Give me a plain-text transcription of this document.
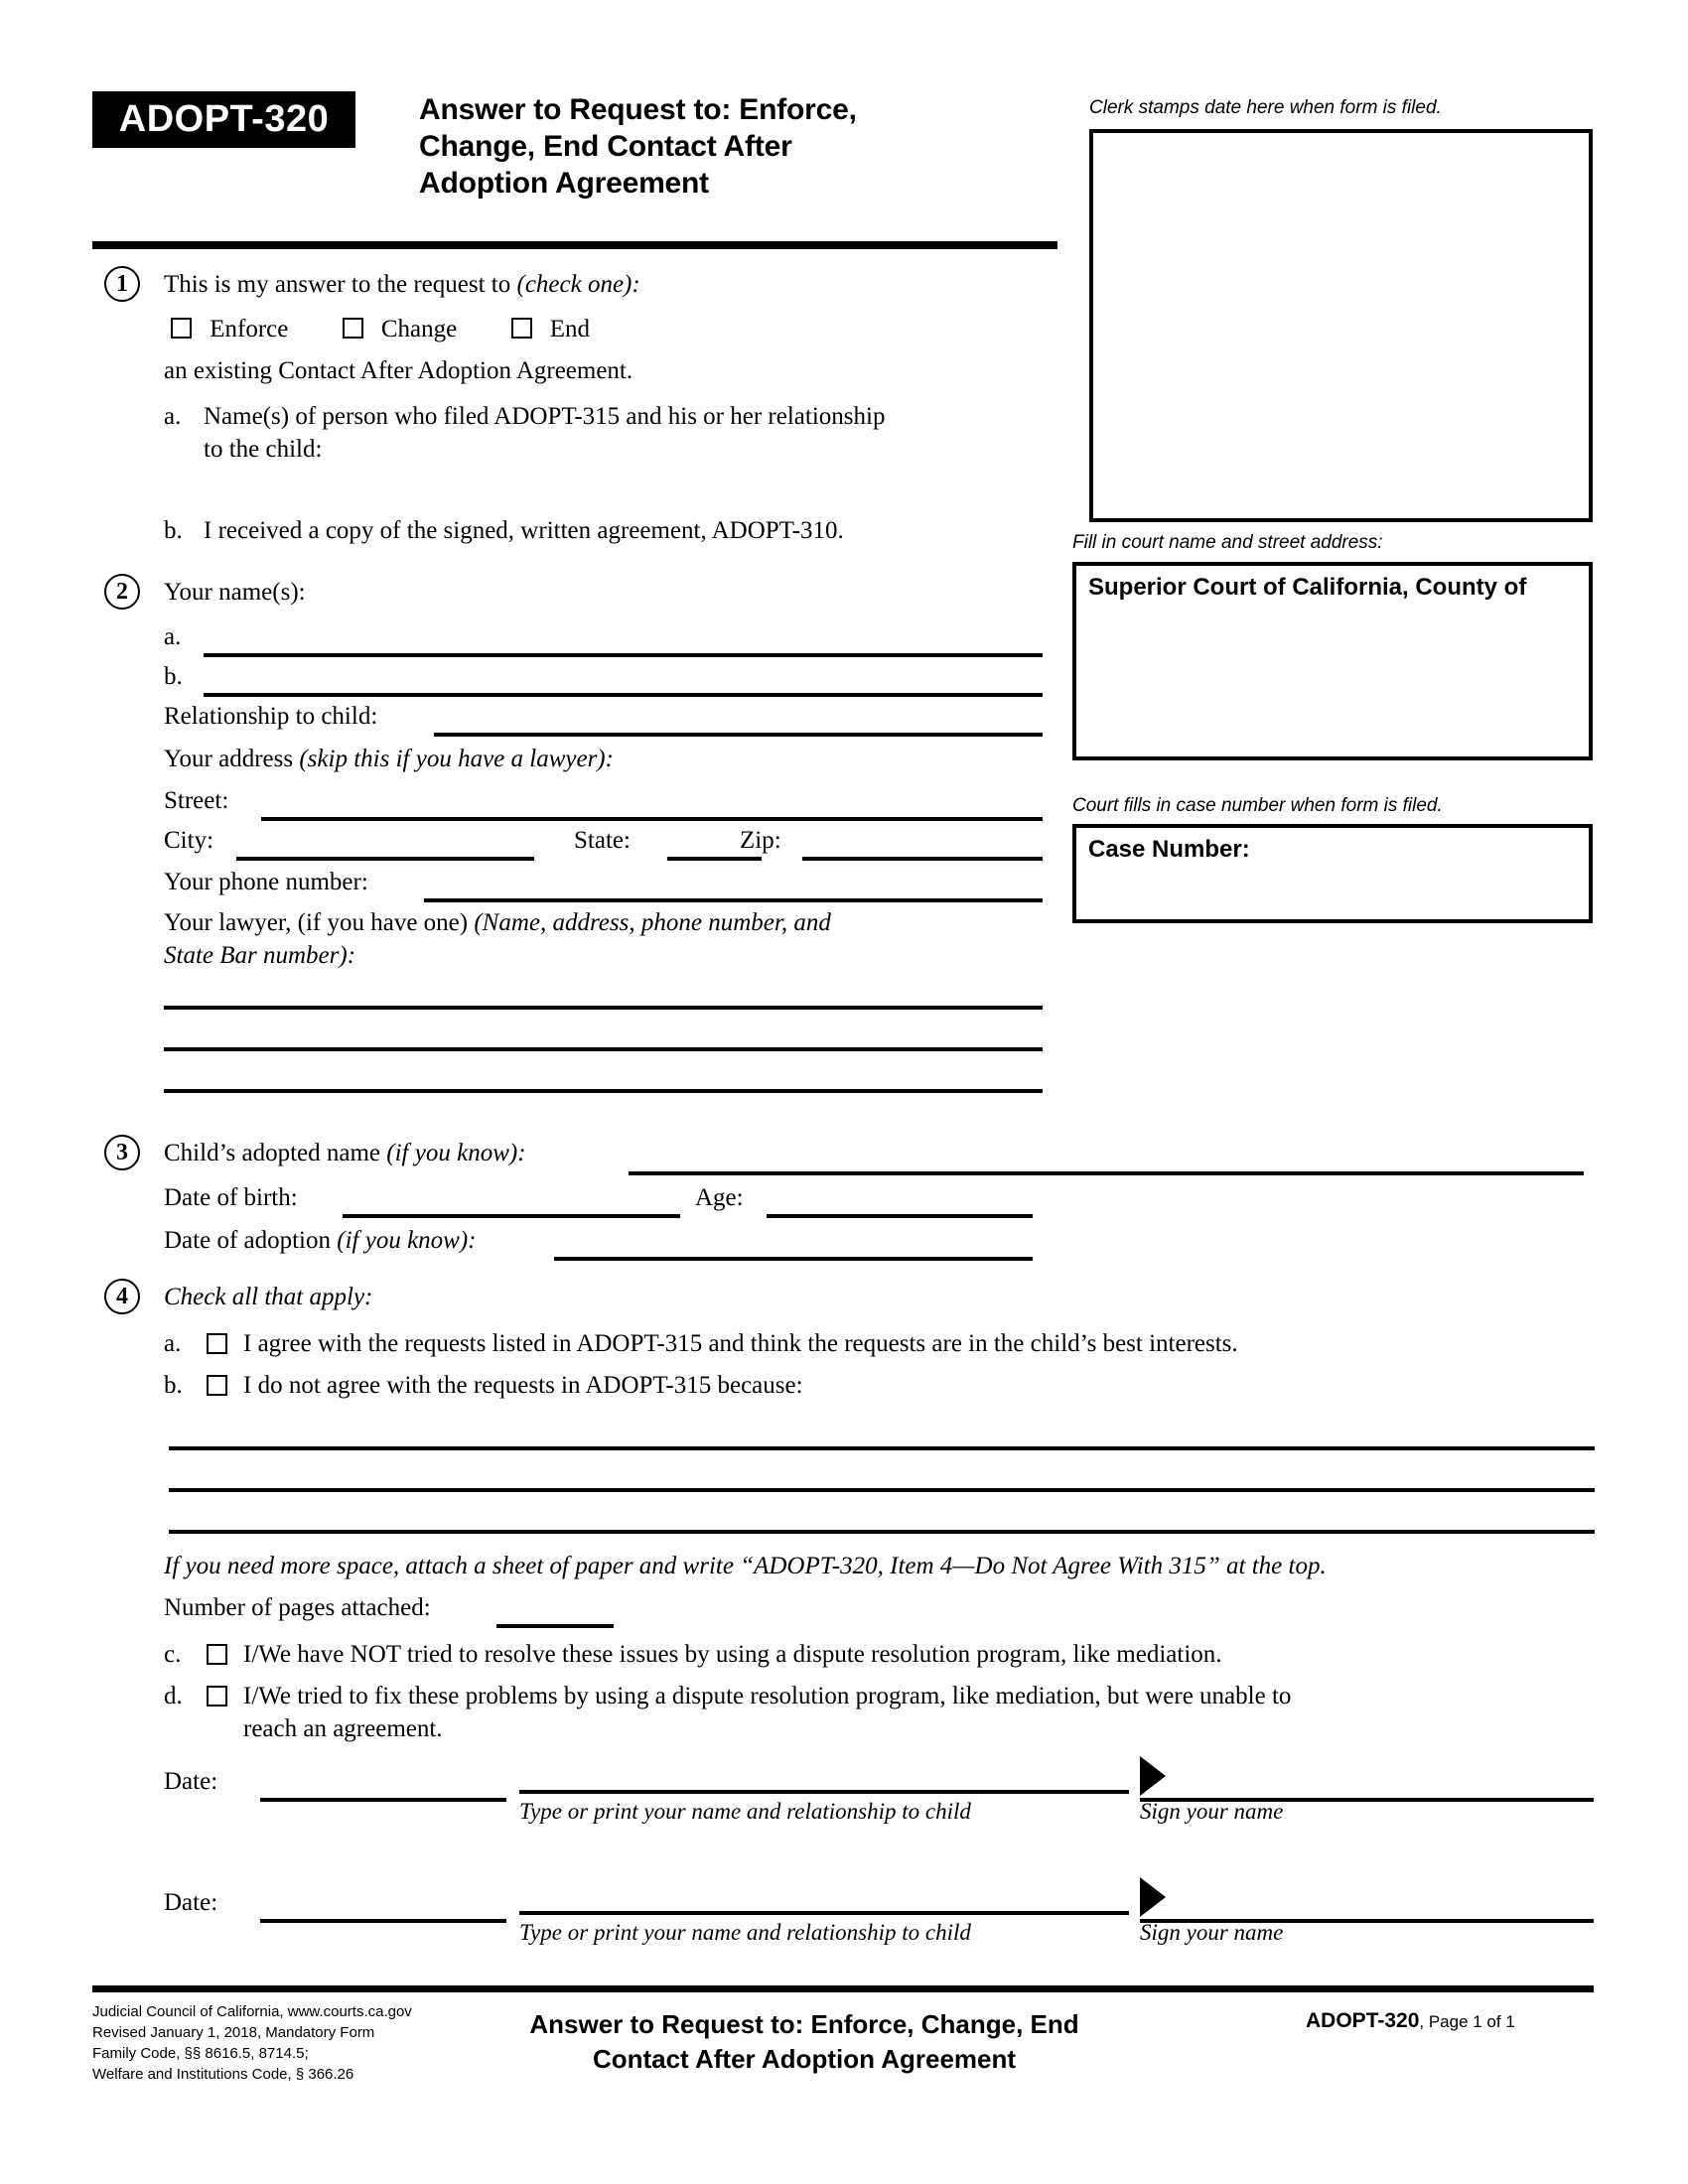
ADOPT-320	Answer to Request to: Enforce,
Change, End Contact After
Adoption Agreement
Clerk stamps date here when form is filed.
Fill in court name and street address:
Superior Court of California, County of
Court fills in case number when form is filed.
Case Number:
1	This is my answer to the request to (check one):
Enforce	Change	End
an existing Contact After Adoption Agreement.
a. Name(s) of person who filed ADOPT-315 and his or her relationship
to the child:
b. I received a copy of the signed, written agreement, ADOPT-310.
2	Your name(s):
a.
b.
Relationship to child:
Your address (skip this if you have a lawyer):
Street:
City:	State:	Zip:
Your phone number:
Your lawyer, (if you have one) (Name, address, phone number, and
State Bar number):
3	Child’s adopted name (if you know):
Date of birth:	Age:
Date of adoption (if you know):
4	Check all that apply:
a.	I agree with the requests listed in ADOPT-315 and think the requests are in the child’s best interests.
b. I do not agree with the requests in ADOPT-315 because:
If you need more space, attach a sheet of paper and write “ADOPT-320, Item 4—Do Not Agree With 315” at the top.
Number of pages attached:
c.	I/We have NOT tried to resolve these issues by using a dispute resolution program, like mediation.
d. I/We tried to fix these problems by using a dispute resolution program, like mediation, but were unable to
reach an agreement.
Date:
Type or print your name and relationship to child	Sign your name
Date:
Type or print your name and relationship to child	Sign your name
Judicial Council of California, www.courts.ca.gov
Revised January 1, 2018, Mandatory Form
Family Code, §§ 8616.5, 8714.5;
Welfare and Institutions Code, § 366.26
Answer to Request to: Enforce, Change, End
Contact After Adoption Agreement
ADOPT-320, Page 1 of 1
